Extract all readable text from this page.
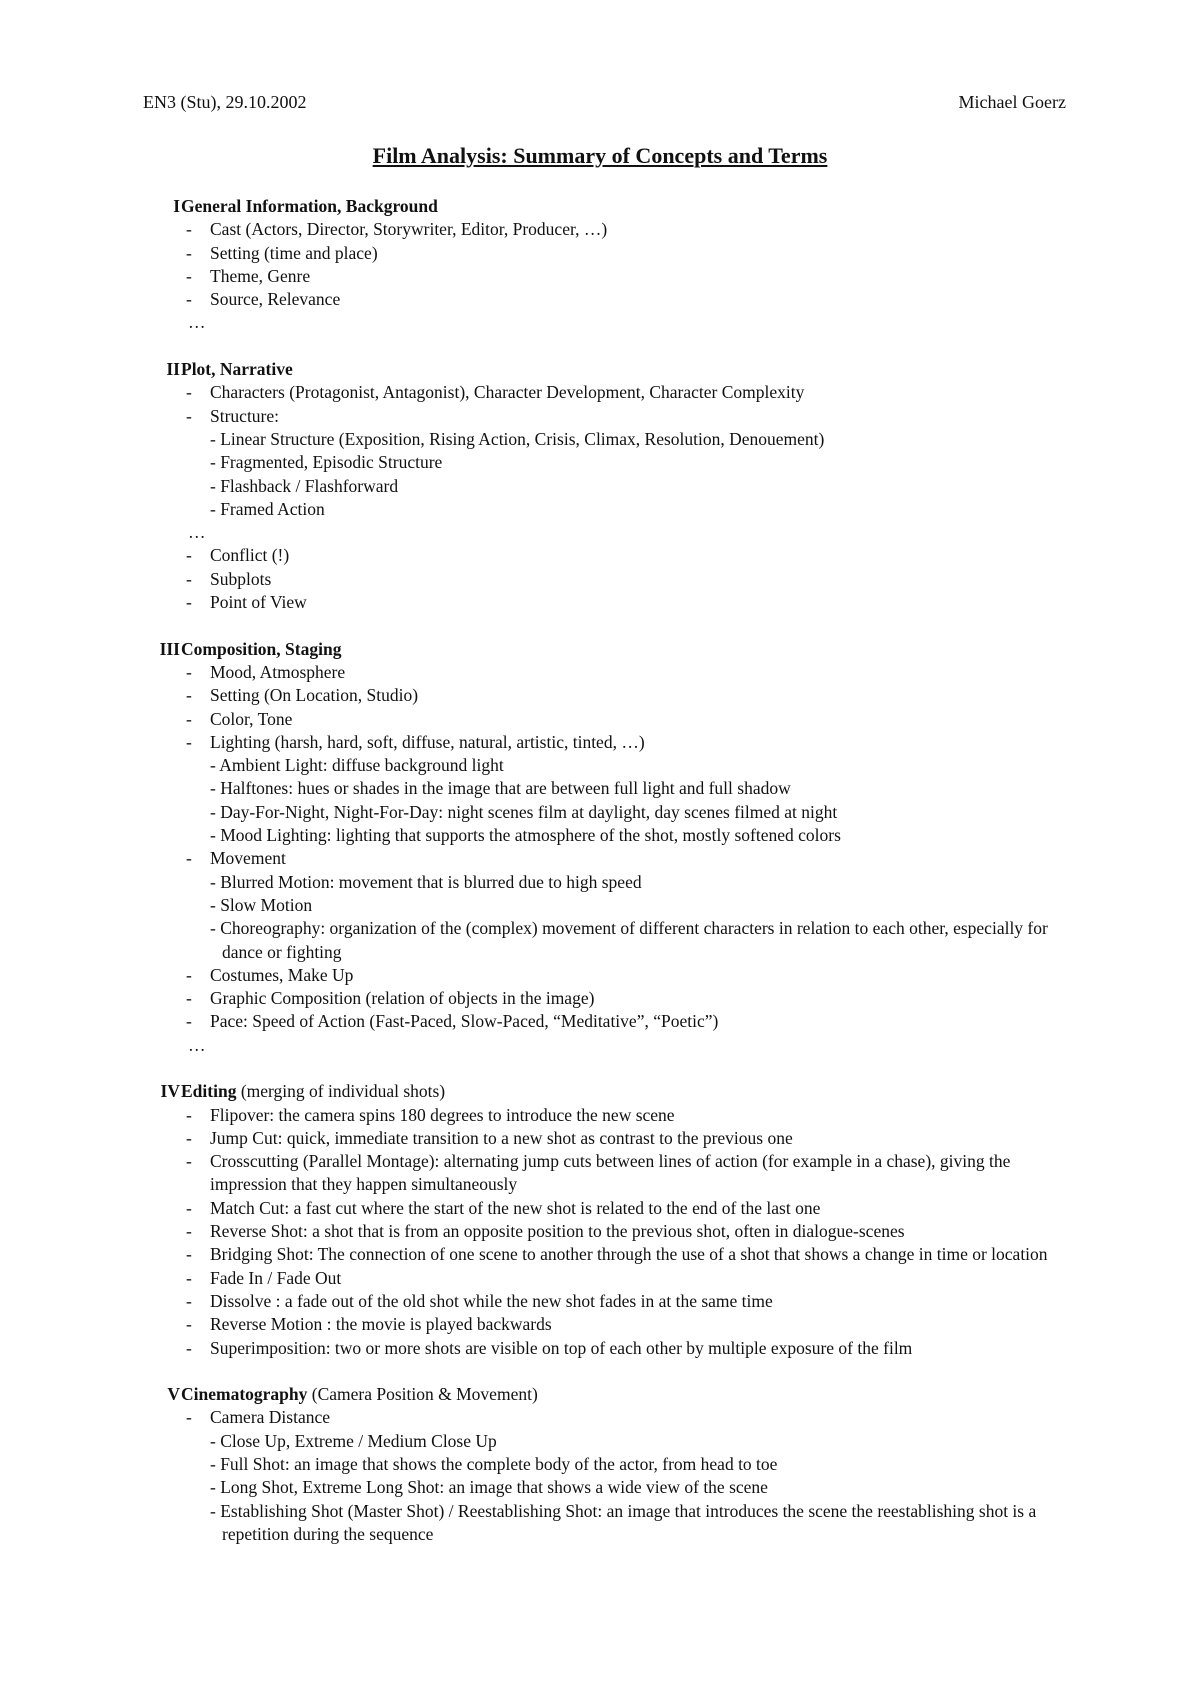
EN3 (Stu), 29.10.2002	Michael Goerz
Film Analysis: Summary of Concepts and Terms
I General Information, Background
- Cast (Actors, Director, Storywriter, Editor, Producer, …)
- Setting (time and place)
- Theme, Genre
- Source, Relevance
…
II Plot, Narrative
- Characters (Protagonist, Antagonist), Character Development, Character Complexity
- Structure:
- Linear Structure (Exposition, Rising Action, Crisis, Climax, Resolution, Denouement)
- Fragmented, Episodic Structure
- Flashback / Flashforward
- Framed Action
…
- Conflict (!)
- Subplots
- Point of View
III Composition, Staging
- Mood, Atmosphere
- Setting (On Location, Studio)
- Color, Tone
- Lighting (harsh, hard, soft, diffuse, natural, artistic, tinted, …)
- Ambient Light: diffuse background light
- Halftones: hues or shades in the image that are between full light and full shadow
- Day-For-Night, Night-For-Day: night scenes film at daylight, day scenes filmed at night
- Mood Lighting: lighting that supports the atmosphere of the shot, mostly softened colors
- Movement
- Blurred Motion: movement that is blurred due to high speed
- Slow Motion
- Choreography: organization of the (complex) movement of different characters in relation to each other, especially for dance or fighting
- Costumes, Make Up
- Graphic Composition (relation of objects in the image)
- Pace: Speed of Action (Fast-Paced, Slow-Paced, “Meditative”, “Poetic”)
…
IV Editing (merging of individual shots)
- Flipover: the camera spins 180 degrees to introduce the new scene
- Jump Cut: quick, immediate transition to a new shot as contrast to the previous one
- Crosscutting (Parallel Montage): alternating jump cuts between lines of action (for example in a chase), giving the impression that they happen simultaneously
- Match Cut: a fast cut where the start of the new shot is related to the end of the last one
- Reverse Shot: a shot that is from an opposite position to the previous shot, often in dialogue-scenes
- Bridging Shot: The connection of one scene to another through the use of a shot that shows a change in time or location
- Fade In / Fade Out
- Dissolve : a fade out of the old shot while the new shot fades in at the same time
- Reverse Motion : the movie is played backwards
- Superimposition: two or more shots are visible on top of each other by multiple exposure of the film
V Cinematography (Camera Position & Movement)
- Camera Distance
- Close Up, Extreme / Medium Close Up
- Full Shot: an image that shows the complete body of the actor, from head to toe
- Long Shot, Extreme Long Shot: an image that shows a wide view of the scene
- Establishing Shot (Master Shot) / Reestablishing Shot: an image that introduces the scene the reestablishing shot is a repetition during the sequence
